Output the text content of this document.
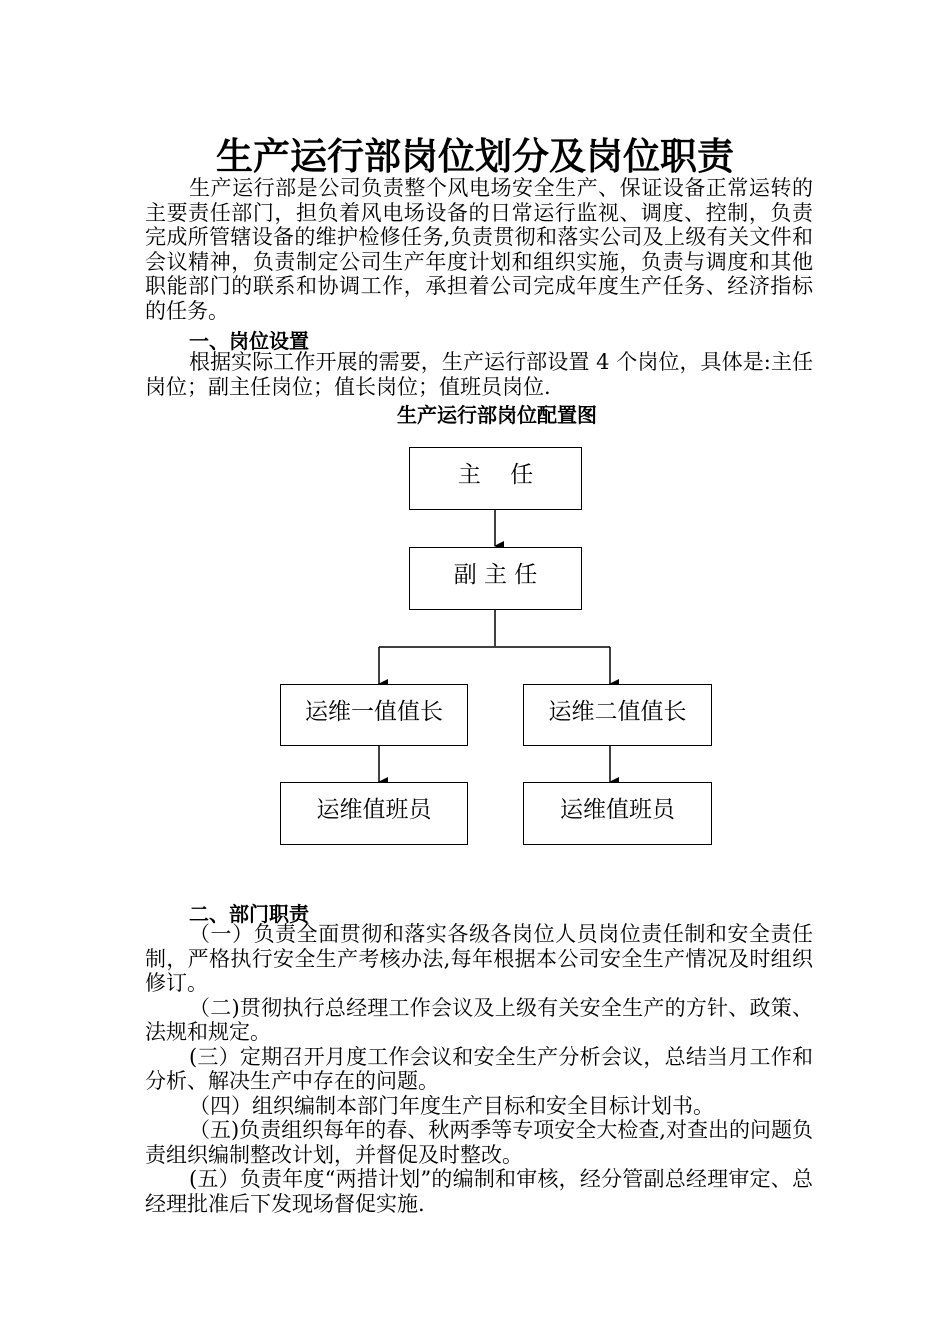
生产运行部岗位划分及岗位职责

生产运行部是公司负责整个风电场安全生产、保证设备正常运转的主要责任部门，担负着风电场设备的日常运行监视、调度、控制，负责完成所管辖设备的维护检修任务,负责贯彻和落实公司及上级有关文件和会议精神，负责制定公司生产年度计划和组织实施，负责与调度和其他职能部门的联系和协调工作，承担着公司完成年度生产任务、经济指标的任务。

一、岗位设置

根据实际工作开展的需要，生产运行部设置 4 个岗位，具体是:主任岗位；副主任岗位；值长岗位；值班员岗位.

生产运行部岗位配置图
主    任
副 主 任
运维一值值长	运维二值值长
运维值班员	运维值班员
二、部门职责

（一）负责全面贯彻和落实各级各岗位人员岗位责任制和安全责任制，严格执行安全生产考核办法,每年根据本公司安全生产情况及时组织修订。

（二)贯彻执行总经理工作会议及上级有关安全生产的方针、政策、法规和规定。

(三）定期召开月度工作会议和安全生产分析会议，总结当月工作和分析、解决生产中存在的问题。

（四）组织编制本部门年度生产目标和安全目标计划书。

（五)负责组织每年的春、秋两季等专项安全大检查,对查出的问题负责组织编制整改计划，并督促及时整改。

(五）负责年度“两措计划”的编制和审核，经分管副总经理审定、总经理批准后下发现场督促实施.
